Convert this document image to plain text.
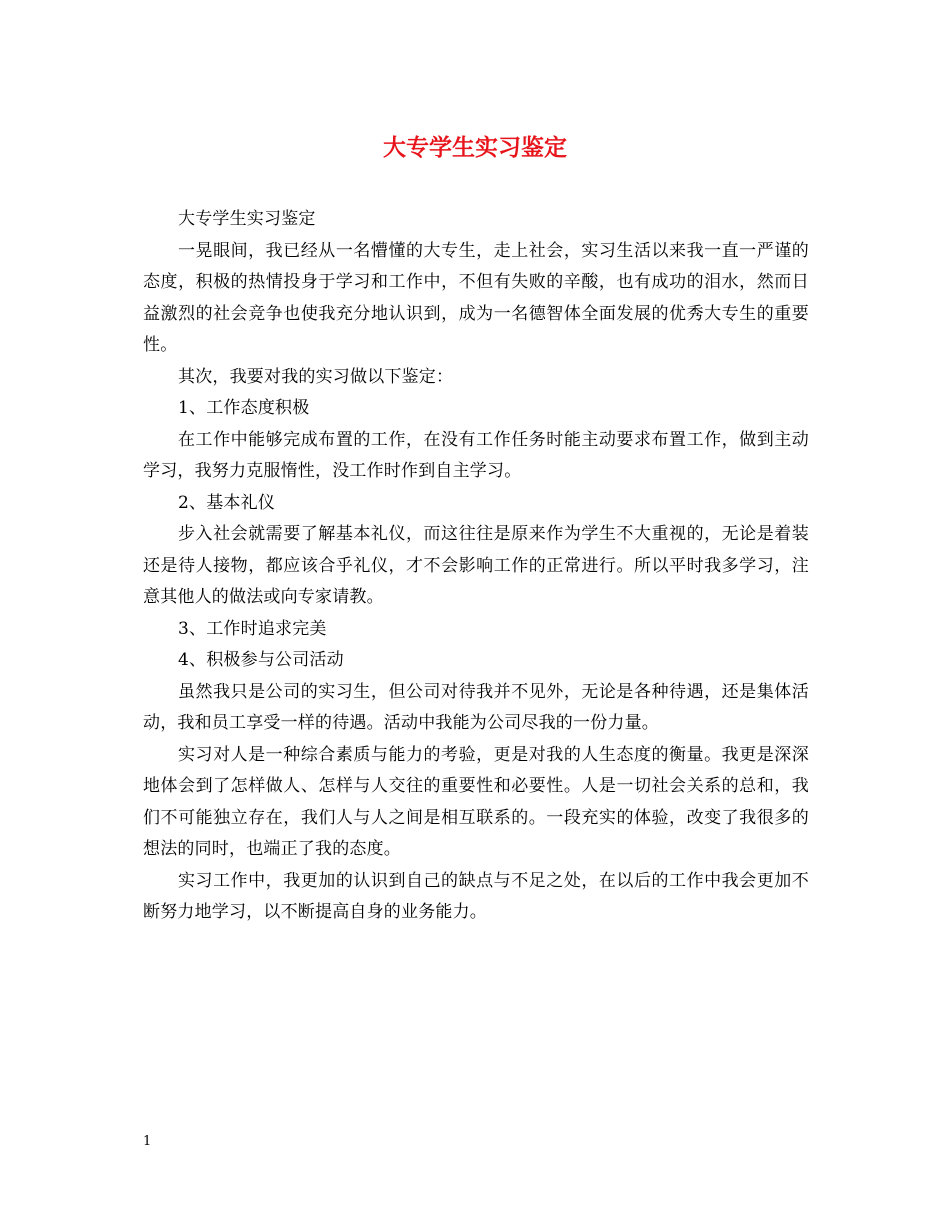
大专学生实习鉴定

大专学生实习鉴定

一晃眼间，我已经从一名懵懂的大专生，走上社会，实习生活以来我一直一严谨的态度，积极的热情投身于学习和工作中，不但有失败的辛酸，也有成功的泪水，然而日益激烈的社会竞争也使我充分地认识到，成为一名德智体全面发展的优秀大专生的重要性。

其次，我要对我的实习做以下鉴定：

1、工作态度积极

在工作中能够完成布置的工作，在没有工作任务时能主动要求布置工作，做到主动学习，我努力克服惰性，没工作时作到自主学习。

2、基本礼仪

步入社会就需要了解基本礼仪，而这往往是原来作为学生不大重视的，无论是着装还是待人接物，都应该合乎礼仪，才不会影响工作的正常进行。所以平时我多学习，注意其他人的做法或向专家请教。

3、工作时追求完美

4、积极参与公司活动

虽然我只是公司的实习生，但公司对待我并不见外，无论是各种待遇，还是集体活动，我和员工享受一样的待遇。活动中我能为公司尽我的一份力量。

实习对人是一种综合素质与能力的考验，更是对我的人生态度的衡量。我更是深深地体会到了怎样做人、怎样与人交往的重要性和必要性。人是一切社会关系的总和，我们不可能独立存在，我们人与人之间是相互联系的。一段充实的体验，改变了我很多的想法的同时，也端正了我的态度。

实习工作中，我更加的认识到自己的缺点与不足之处，在以后的工作中我会更加不断努力地学习，以不断提高自身的业务能力。

1
